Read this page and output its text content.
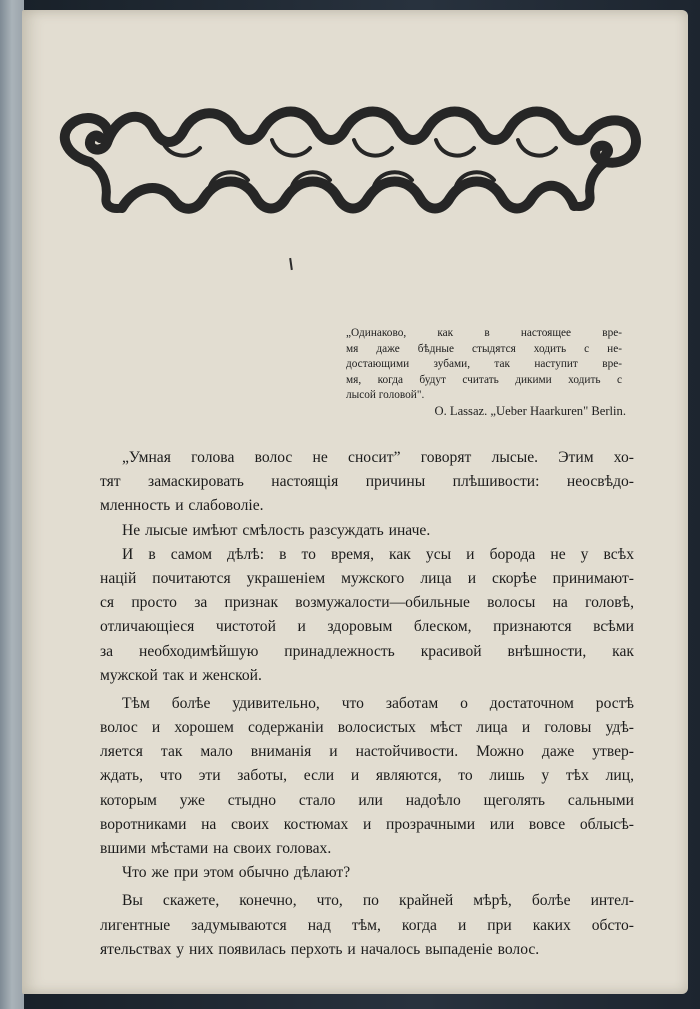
„Одинаково, как в настоящее вре-
мя даже бѣдные стыдятся ходить с не-
достающими зубами, так наступит вре-
мя, когда будут считать дикими ходить с
лысой головой".
O. Lassaz. „Ueber Haarkuren" Berlin.
„Умная голова волос не сноситˮ говорят лысые. Этим хо-
тят замаскировать настоящія причины плѣшивости: неосвѣдо-
мленность и слабоволіе.
Не лысые имѣют смѣлость разсуждать иначе.
И в самом дѣлѣ: в то время, как усы и борода не у всѣх
націй почитаются украшеніем мужского лица и скорѣе принимают-
ся просто за признак возмужалости—обильные волосы на головѣ,
отличающіеся чистотой и здоровым блеском, признаются всѣми
за необходимѣйшую принадлежность красивой внѣшности, как
мужской так и женской.
Тѣм болѣе удивительно, что заботам о достаточном ростѣ
волос и хорошем содержаніи волосистых мѣст лица и головы удѣ-
ляется так мало вниманія и настойчивости. Можно даже утвер-
ждать, что эти заботы, если и являются, то лишь у тѣх лиц,
которым уже стыдно стало или надоѣло щеголять сальными
воротниками на своих костюмах и прозрачными или вовсе облысѣ-
вшими мѣстами на своих головах.
Что же при этом обычно дѣлают?
Вы скажете, конечно, что, по крайней мѣрѣ, болѣе интел-
лигентные задумываются над тѣм, когда и при каких обсто-
ятельствах у них появилась перхоть и началось выпаденіе волос.
